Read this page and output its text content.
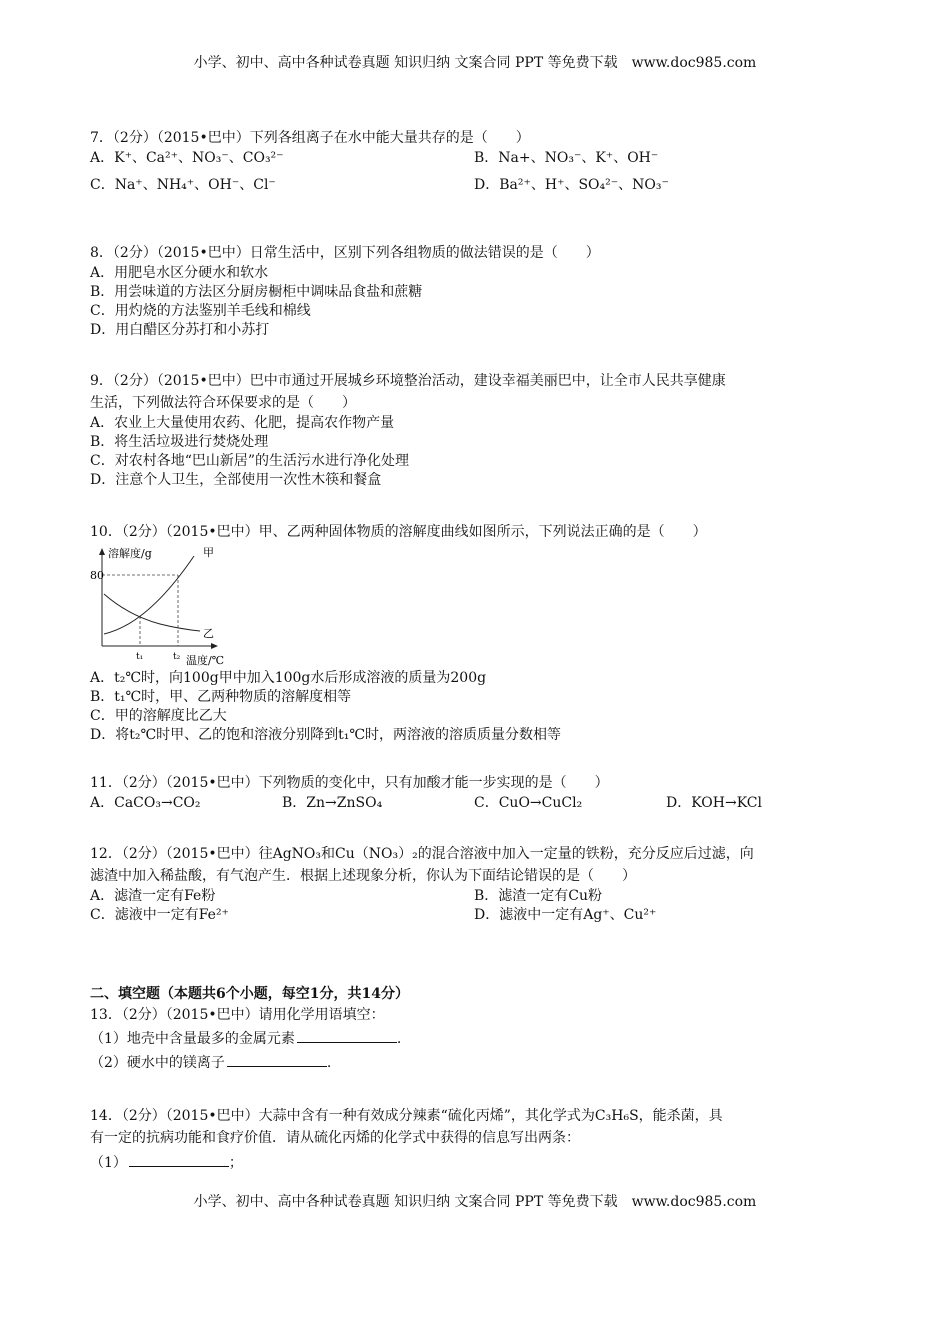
小学、初中、高中各种试卷真题 知识归纳 文案合同 PPT 等免费下载　www.doc985.com
7．（2分）（2015•巴中）下列各组离子在水中能大量共存的是（　　）
A．K⁺、Ca²⁺、NO₃⁻、CO₃²⁻	B．Na+、NO₃⁻、K⁺、OH⁻
C．Na⁺、NH₄⁺、OH⁻、Cl⁻	D．Ba²⁺、H⁺、SO₄²⁻、NO₃⁻
8．（2分）（2015•巴中）日常生活中，区别下列各组物质的做法错误的是（　　）
A．用肥皂水区分硬水和软水
B．用尝味道的方法区分厨房橱柜中调味品食盐和蔗糖
C．用灼烧的方法鉴别羊毛线和棉线
D．用白醋区分苏打和小苏打
9．（2分）（2015•巴中）巴中市通过开展城乡环境整治活动，建设幸福美丽巴中，让全市人民共享健康
生活，下列做法符合环保要求的是（　　）
A．农业上大量使用农药、化肥，提高农作物产量
B．将生活垃圾进行焚烧处理
C．对农村各地“巴山新居”的生活污水进行净化处理
D．注意个人卫生，全部使用一次性木筷和餐盒
10．（2分）（2015•巴中）甲、乙两种固体物质的溶解度曲线如图所示，下列说法正确的是（　　）
溶解度/g	甲
乙
80
t₁	t₂ 温度/℃
A．t₂℃时，向100g甲中加入100g水后形成溶液的质量为200g
B．t₁℃时，甲、乙两种物质的溶解度相等
C．甲的溶解度比乙大
D．将t₂℃时甲、乙的饱和溶液分别降到t₁℃时，两溶液的溶质质量分数相等
11．（2分）（2015•巴中）下列物质的变化中，只有加酸才能一步实现的是（　　）
A．CaCO₃→CO₂	B．Zn→ZnSO₄	C．CuO→CuCl₂	D．KOH→KCl
12．（2分）（2015•巴中）往AgNO₃和Cu（NO₃）₂的混合溶液中加入一定量的铁粉，充分反应后过滤，向
滤渣中加入稀盐酸，有气泡产生．根据上述现象分析，你认为下面结论错误的是（　　）
A．滤渣一定有Fe粉	B．滤渣一定有Cu粉
C．滤液中一定有Fe²⁺	D．滤液中一定有Ag⁺、Cu²⁺
二、填空题（本题共6个小题，每空1分，共14分）
13．（2分）（2015•巴中）请用化学用语填空：
（1）地壳中含量最多的金属元素	.
（2）硬水中的镁离子	.
14．（2分）（2015•巴中）大蒜中含有一种有效成分辣素“硫化丙烯”，其化学式为C₃H₆S，能杀菌，具
有一定的抗病功能和食疗价值．请从硫化丙烯的化学式中获得的信息写出两条：
（1）	；
小学、初中、高中各种试卷真题 知识归纳 文案合同 PPT 等免费下载　www.doc985.com
